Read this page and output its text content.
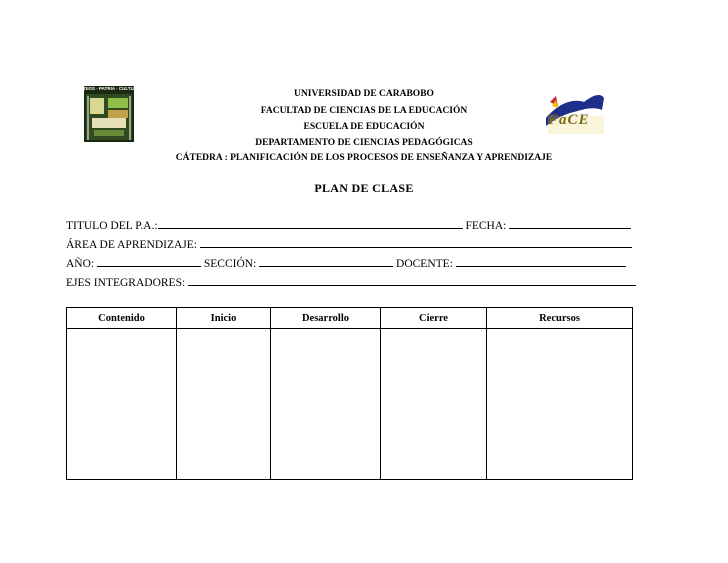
DIOS · PATRIA · CULTURA
FaCE
UNIVERSIDAD DE CARABOBO
FACULTAD DE CIENCIAS DE LA EDUCACIÓN
ESCUELA DE EDUCACIÓN
DEPARTAMENTO DE CIENCIAS PEDAGÓGICAS
CÁTEDRA : PLANIFICACIÓN DE LOS PROCESOS DE ENSEÑANZA Y APRENDIZAJE
PLAN DE CLASE
TITULO DEL P.A.:	FECHA:
ÁREA DE APRENDIZAJE:
AÑO:	SECCIÓN:	DOCENTE:
EJES INTEGRADORES:
Contenido	Inicio	Desarrollo	Cierre	Recursos
